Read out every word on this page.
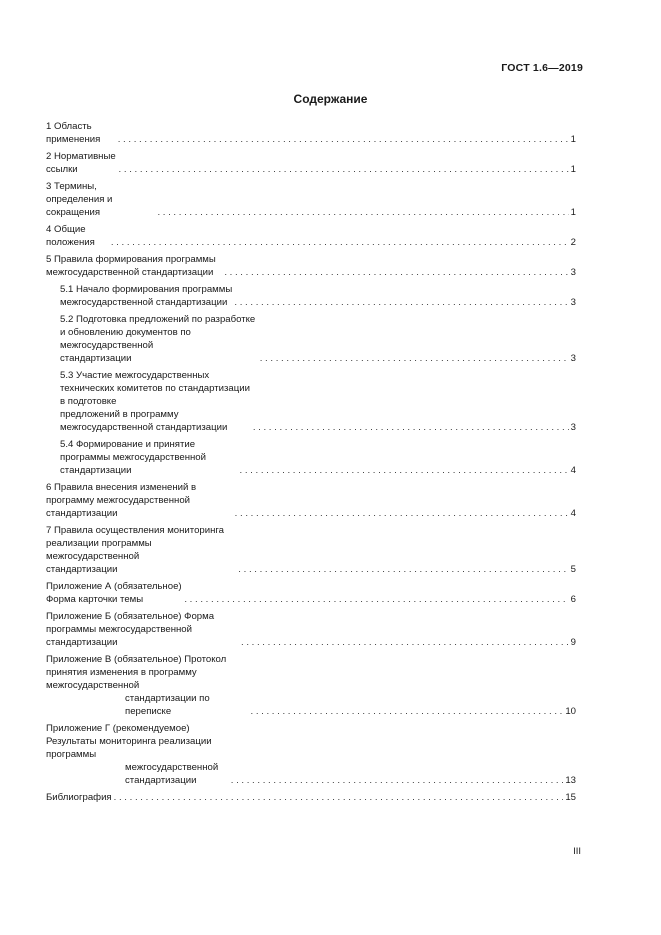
ГОСТ 1.6—2019
Содержание
1 Область применения . . .	1
2 Нормативные ссылки . . .	1
3 Термины, определения и сокращения . . .	1
4 Общие положения . . .	2
5 Правила формирования программы межгосударственной стандартизации . . .	3
5.1 Начало формирования программы межгосударственной стандартизации . . .	3
5.2 Подготовка предложений по разработке и обновлению документов по межгосударственной
стандартизации . . .	3
5.3 Участие межгосударственных технических комитетов по стандартизации в подготовке
предложений в программу межгосударственной стандартизации . . .	3
5.4 Формирование и принятие программы межгосударственной стандартизации . . .	4
6 Правила внесения изменений в программу межгосударственной стандартизации . . .	4
7 Правила осуществления мониторинга реализации программы межгосударственной
стандартизации . . .	5
Приложение А (обязательное) Форма карточки темы . . .	6
Приложение Б (обязательное) Форма программы межгосударственной стандартизации . . .	9
Приложение В (обязательное) Протокол принятия изменения в программу межгосударственной
стандартизации по переписке . . .	10
Приложение Г (рекомендуемое) Результаты мониторинга реализации программы
межгосударственной стандартизации . . .	13
Библиография . . .	15
III
